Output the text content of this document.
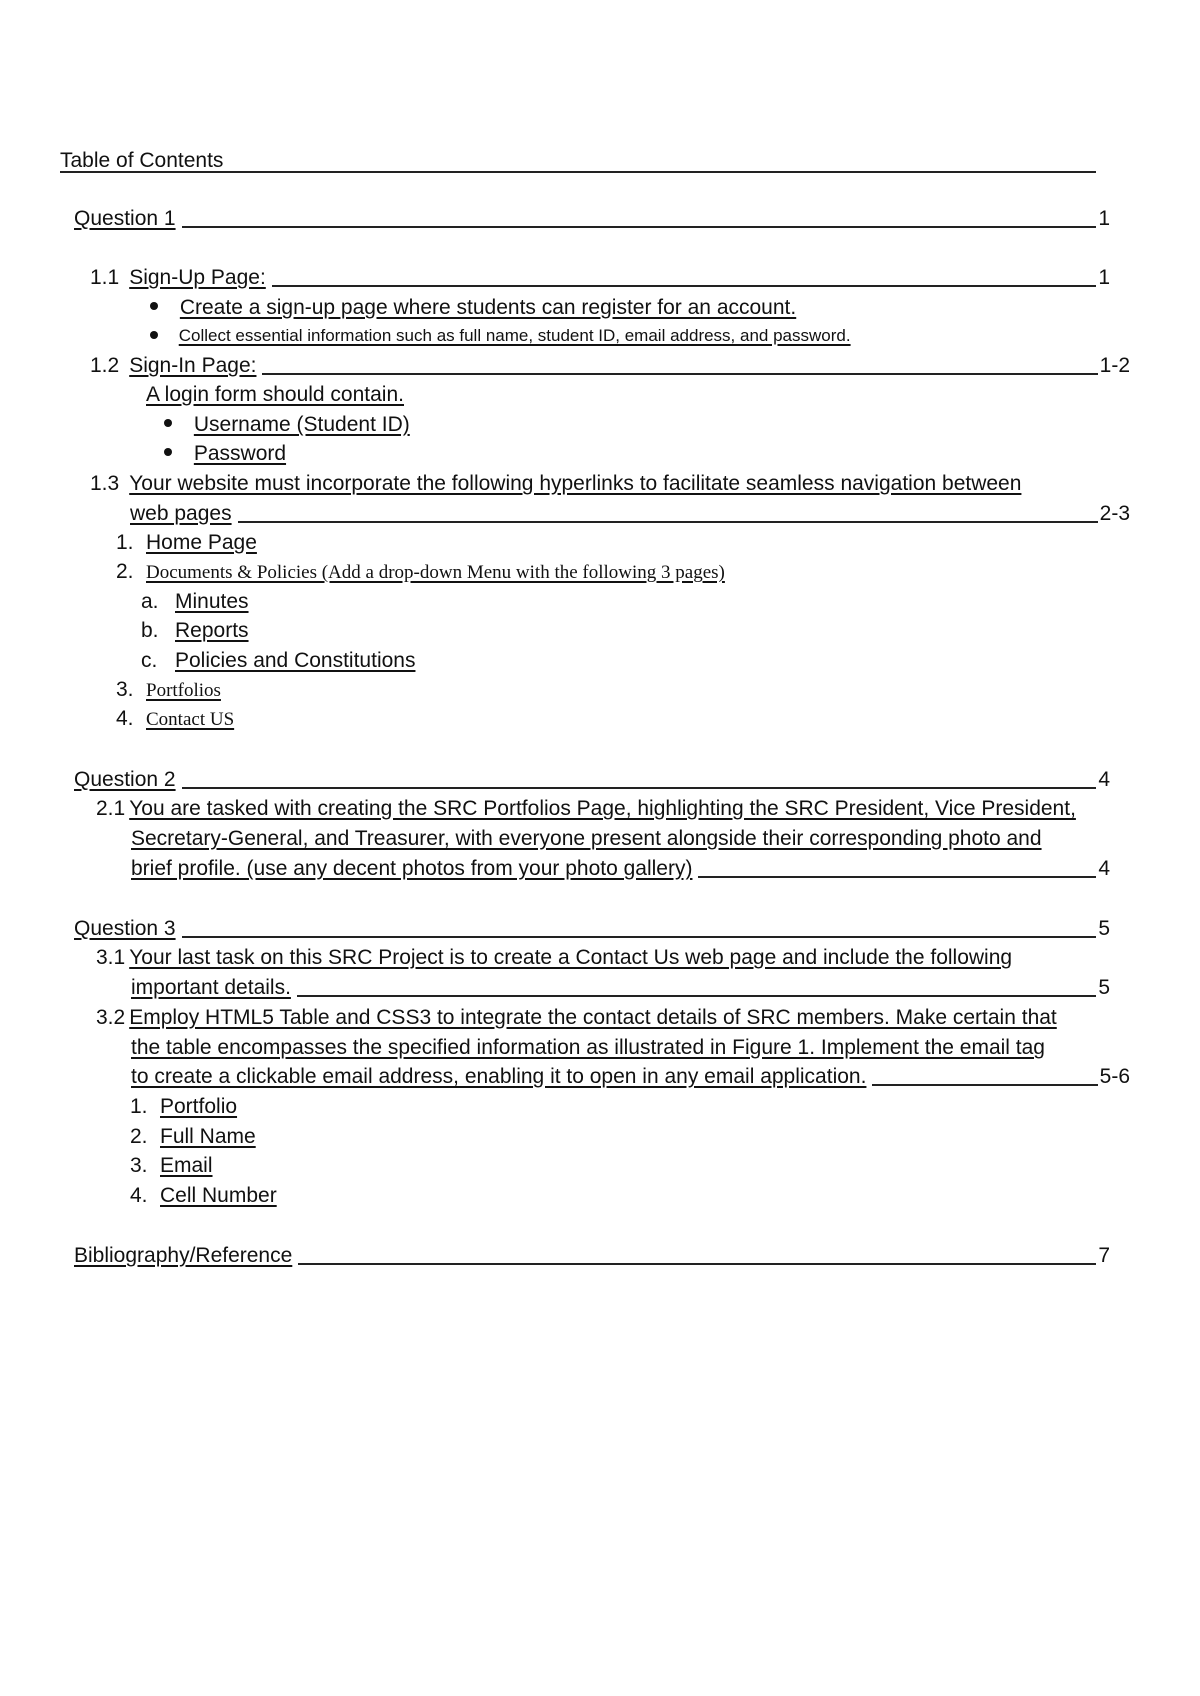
Table of Contents
Question 1	1
1.1 Sign-Up Page:	1
Create a sign-up page where students can register for an account.
Collect essential information such as full name, student ID, email address, and password.
1.2 Sign-In Page:	1-2
A login form should contain.
Username (Student ID)
Password
1.3 Your website must incorporate the following hyperlinks to facilitate seamless navigation between
web pages	2-3
1. Home Page
2. Documents & Policies (Add a drop-down Menu with the following 3 pages)
a. Minutes
b. Reports
c. Policies and Constitutions
3. Portfolios
4. Contact US
Question 2	4
2.1 You are tasked with creating the SRC Portfolios Page, highlighting the SRC President, Vice President,
Secretary-General, and Treasurer, with everyone present alongside their corresponding photo and
brief profile. (use any decent photos from your photo gallery)	4
Question 3	5
3.1 Your last task on this SRC Project is to create a Contact Us web page and include the following
important details.	5
3.2 Employ HTML5 Table and CSS3 to integrate the contact details of SRC members. Make certain that
the table encompasses the specified information as illustrated in Figure 1. Implement the email tag
to create a clickable email address, enabling it to open in any email application.	5-6
1. Portfolio
2. Full Name
3. Email
4. Cell Number
Bibliography/Reference	7
